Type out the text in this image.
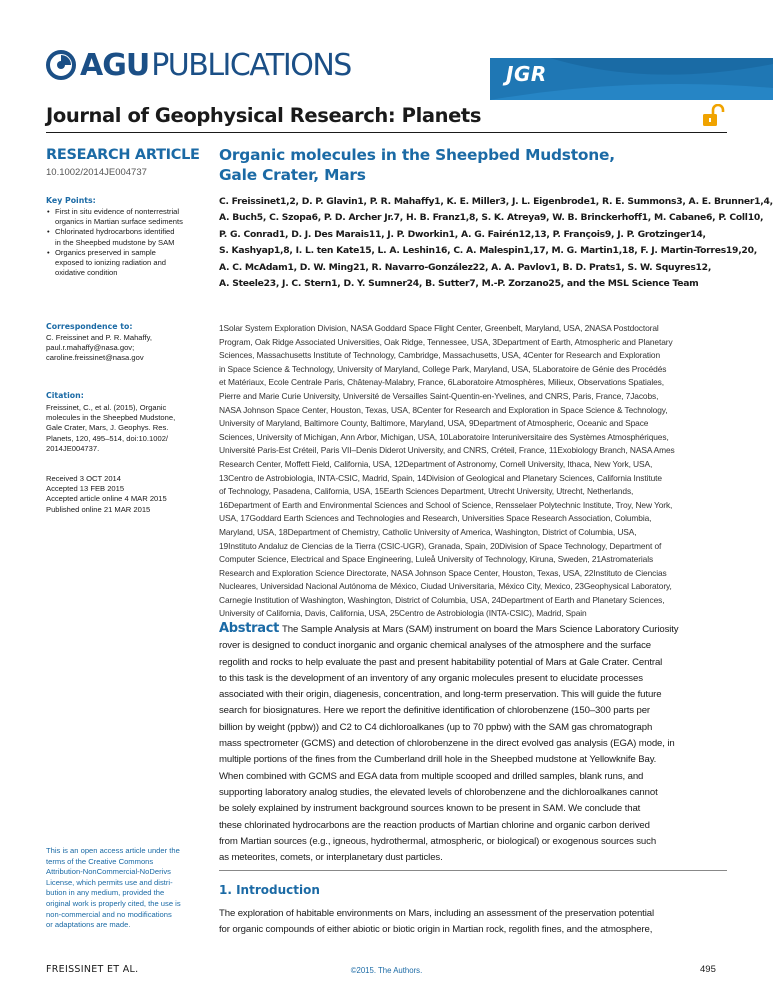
AGU PUBLICATIONS	JGR
Journal of Geophysical Research: Planets
RESEARCH ARTICLE
10.1002/2014JE004737
Key Points:
• First in situ evidence of nonterrestrial
organics in Martian surface sediments
• Chlorinated hydrocarbons identified
in the Sheepbed mudstone by SAM
• Organics preserved in sample
exposed to ionizing radiation and
oxidative condition
Correspondence to:
C. Freissinet and P. R. Mahaffy,
paul.r.mahaffy@nasa.gov;
caroline.freissinet@nasa.gov
Citation:
Freissinet, C., et al. (2015), Organic
molecules in the Sheepbed Mudstone,
Gale Crater, Mars, J. Geophys. Res.
Planets, 120, 495–514, doi:10.1002/
2014JE004737.
Received 3 OCT 2014
Accepted 13 FEB 2015
Accepted article online 4 MAR 2015
Published online 21 MAR 2015
This is an open access article under the
terms of the Creative Commons
Attribution-NonCommercial-NoDerivs
License, which permits use and distri-
bution in any medium, provided the
original work is properly cited, the use is
non-commercial and no modifications
or adaptations are made.
Organic molecules in the Sheepbed Mudstone,
Gale Crater, Mars
C. Freissinet1,2, D. P. Glavin1, P. R. Mahaffy1, K. E. Miller3, J. L. Eigenbrode1, R. E. Summons3, A. E. Brunner1,4,
A. Buch5, C. Szopa6, P. D. Archer Jr.7, H. B. Franz1,8, S. K. Atreya9, W. B. Brinckerhoff1, M. Cabane6, P. Coll10,
P. G. Conrad1, D. J. Des Marais11, J. P. Dworkin1, A. G. Fairén12,13, P. François9, J. P. Grotzinger14,
S. Kashyap1,8, I. L. ten Kate15, L. A. Leshin16, C. A. Malespin1,17, M. G. Martin1,18, F. J. Martin-Torres19,20,
A. C. McAdam1, D. W. Ming21, R. Navarro-González22, A. A. Pavlov1, B. D. Prats1, S. W. Squyres12,
A. Steele23, J. C. Stern1, D. Y. Sumner24, B. Sutter7, M.-P. Zorzano25, and the MSL Science Team
1Solar System Exploration Division, NASA Goddard Space Flight Center, Greenbelt, Maryland, USA, 2NASA Postdoctoral
Program, Oak Ridge Associated Universities, Oak Ridge, Tennessee, USA, 3Department of Earth, Atmospheric and Planetary
Sciences, Massachusetts Institute of Technology, Cambridge, Massachusetts, USA, 4Center for Research and Exploration
in Space Science & Technology, University of Maryland, College Park, Maryland, USA, 5Laboratoire de Génie des Procédés
et Matériaux, Ecole Centrale Paris, Châtenay-Malabry, France, 6Laboratoire Atmosphères, Milieux, Observations Spatiales,
Pierre and Marie Curie University, Université de Versailles Saint-Quentin-en-Yvelines, and CNRS, Paris, France, 7Jacobs,
NASA Johnson Space Center, Houston, Texas, USA, 8Center for Research and Exploration in Space Science & Technology,
University of Maryland, Baltimore County, Baltimore, Maryland, USA, 9Department of Atmospheric, Oceanic and Space
Sciences, University of Michigan, Ann Arbor, Michigan, USA, 10Laboratoire Interuniversitaire des Systèmes Atmosphériques,
Université Paris-Est Créteil, Paris VII–Denis Diderot University, and CNRS, Créteil, France, 11Exobiology Branch, NASA Ames
Research Center, Moffett Field, California, USA, 12Department of Astronomy, Cornell University, Ithaca, New York, USA,
13Centro de Astrobiologia, INTA-CSIC, Madrid, Spain, 14Division of Geological and Planetary Sciences, California Institute
of Technology, Pasadena, California, USA, 15Earth Sciences Department, Utrecht University, Utrecht, Netherlands,
16Department of Earth and Environmental Sciences and School of Science, Rensselaer Polytechnic Institute, Troy, New York,
USA, 17Goddard Earth Sciences and Technologies and Research, Universities Space Research Association, Columbia,
Maryland, USA, 18Department of Chemistry, Catholic University of America, Washington, District of Columbia, USA,
19Instituto Andaluz de Ciencias de la Tierra (CSIC-UGR), Granada, Spain, 20Division of Space Technology, Department of
Computer Science, Electrical and Space Engineering, Luleå University of Technology, Kiruna, Sweden, 21Astromaterials
Research and Exploration Science Directorate, NASA Johnson Space Center, Houston, Texas, USA, 22Instituto de Ciencias
Nucleares, Universidad Nacional Autónoma de México, Ciudad Universitaria, México City, Mexico, 23Geophysical Laboratory,
Carnegie Institution of Washington, Washington, District of Columbia, USA, 24Department of Earth and Planetary Sciences,
University of California, Davis, California, USA, 25Centro de Astrobiologia (INTA-CSIC), Madrid, Spain
Abstract The Sample Analysis at Mars (SAM) instrument on board the Mars Science Laboratory Curiosity
rover is designed to conduct inorganic and organic chemical analyses of the atmosphere and the surface
regolith and rocks to help evaluate the past and present habitability potential of Mars at Gale Crater. Central
to this task is the development of an inventory of any organic molecules present to elucidate processes
associated with their origin, diagenesis, concentration, and long-term preservation. This will guide the future
search for biosignatures. Here we report the definitive identification of chlorobenzene (150–300 parts per
billion by weight (ppbw)) and C2 to C4 dichloroalkanes (up to 70 ppbw) with the SAM gas chromatograph
mass spectrometer (GCMS) and detection of chlorobenzene in the direct evolved gas analysis (EGA) mode, in
multiple portions of the fines from the Cumberland drill hole in the Sheepbed mudstone at Yellowknife Bay.
When combined with GCMS and EGA data from multiple scooped and drilled samples, blank runs, and
supporting laboratory analog studies, the elevated levels of chlorobenzene and the dichloroalkanes cannot
be solely explained by instrument background sources known to be present in SAM. We conclude that
these chlorinated hydrocarbons are the reaction products of Martian chlorine and organic carbon derived
from Martian sources (e.g., igneous, hydrothermal, atmospheric, or biological) or exogenous sources such
as meteorites, comets, or interplanetary dust particles.
1. Introduction
The exploration of habitable environments on Mars, including an assessment of the preservation potential
for organic compounds of either abiotic or biotic origin in Martian rock, regolith fines, and the atmosphere,
FREISSINET ET AL.	©2015. The Authors.	495
